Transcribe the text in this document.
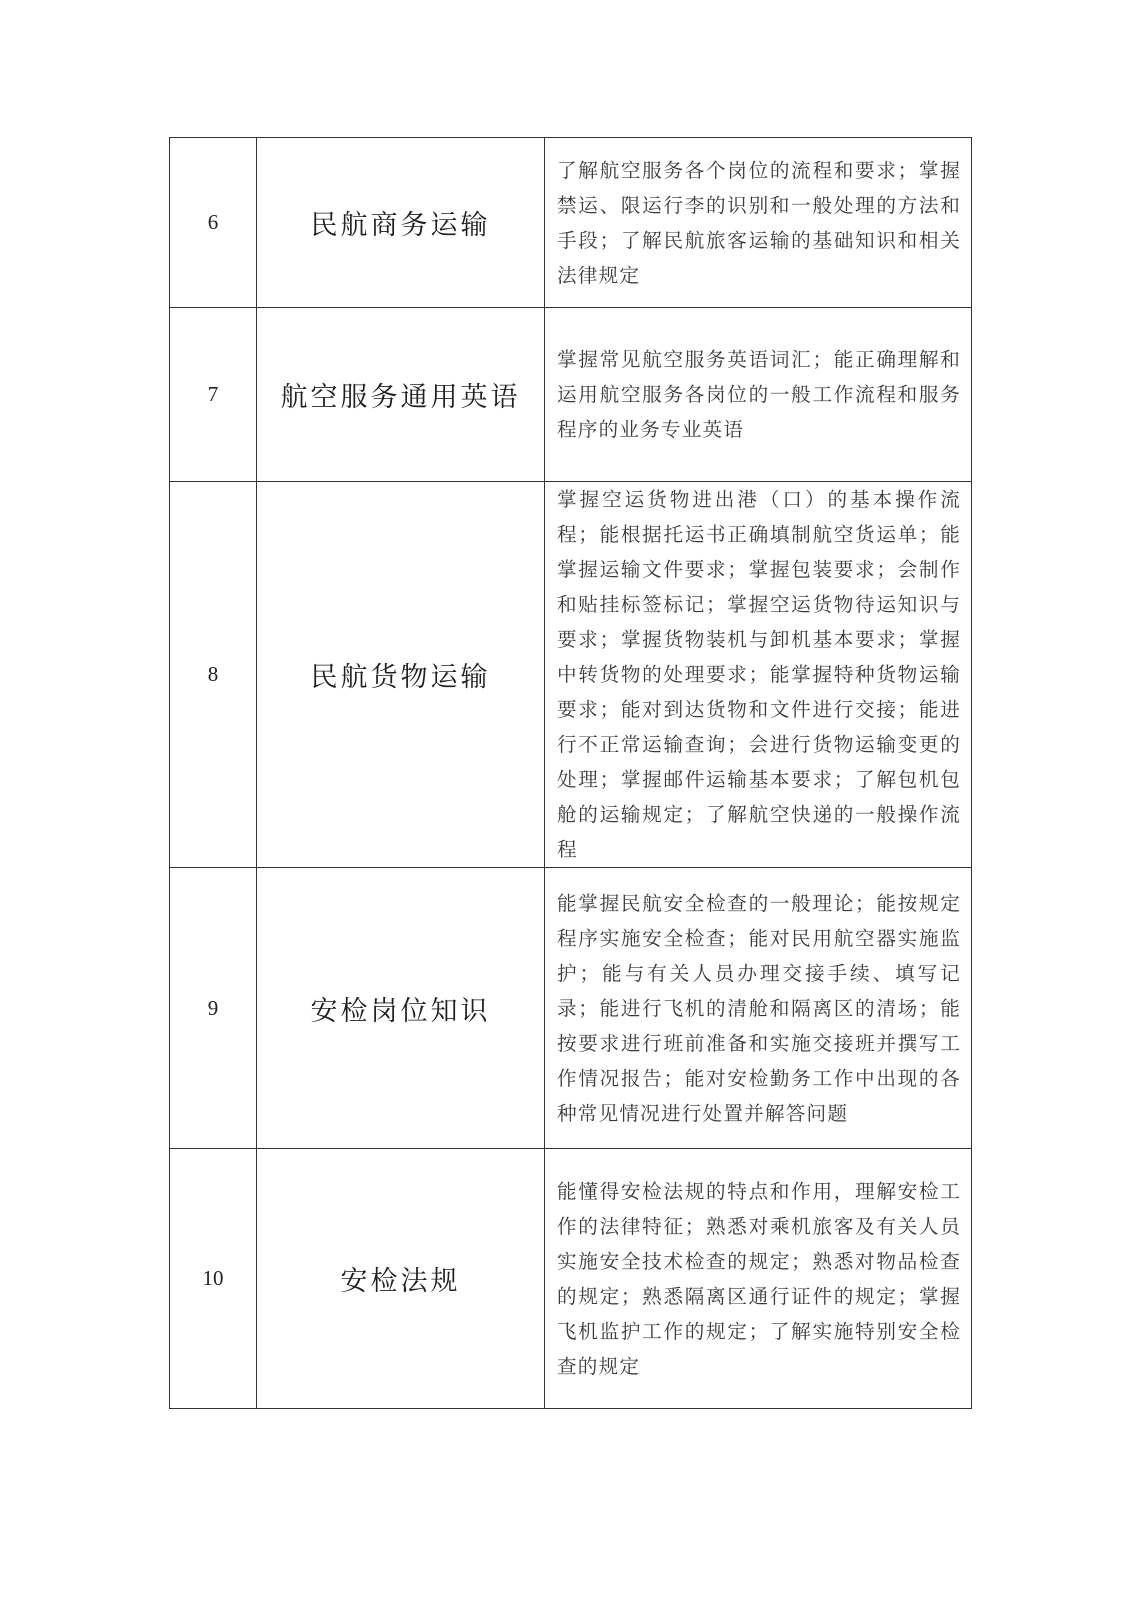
6	民航商务运输	了解航空服务各个岗位的流程和要求；掌握禁运、限运行李的识别和一般处理的方法和手段；了解民航旅客运输的基础知识和相关法律规定
7	航空服务通用英语	掌握常见航空服务英语词汇；能正确理解和运用航空服务各岗位的一般工作流程和服务程序的业务专业英语
8	民航货物运输	掌握空运货物进出港（口）的基本操作流程；能根据托运书正确填制航空货运单；能掌握运输文件要求；掌握包装要求；会制作和贴挂标签标记；掌握空运货物待运知识与要求；掌握货物装机与卸机基本要求；掌握中转货物的处理要求；能掌握特种货物运输要求；能对到达货物和文件进行交接；能进行不正常运输查询；会进行货物运输变更的处理；掌握邮件运输基本要求；了解包机包舱的运输规定；了解航空快递的一般操作流程
9	安检岗位知识	能掌握民航安全检查的一般理论；能按规定程序实施安全检查；能对民用航空器实施监护；能与有关人员办理交接手续、填写记录；能进行飞机的清舱和隔离区的清场；能按要求进行班前准备和实施交接班并撰写工作情况报告；能对安检勤务工作中出现的各种常见情况进行处置并解答问题
10	安检法规	能懂得安检法规的特点和作用，理解安检工作的法律特征；熟悉对乘机旅客及有关人员实施安全技术检查的规定；熟悉对物品检查的规定；熟悉隔离区通行证件的规定；掌握飞机监护工作的规定；了解实施特别安全检查的规定
